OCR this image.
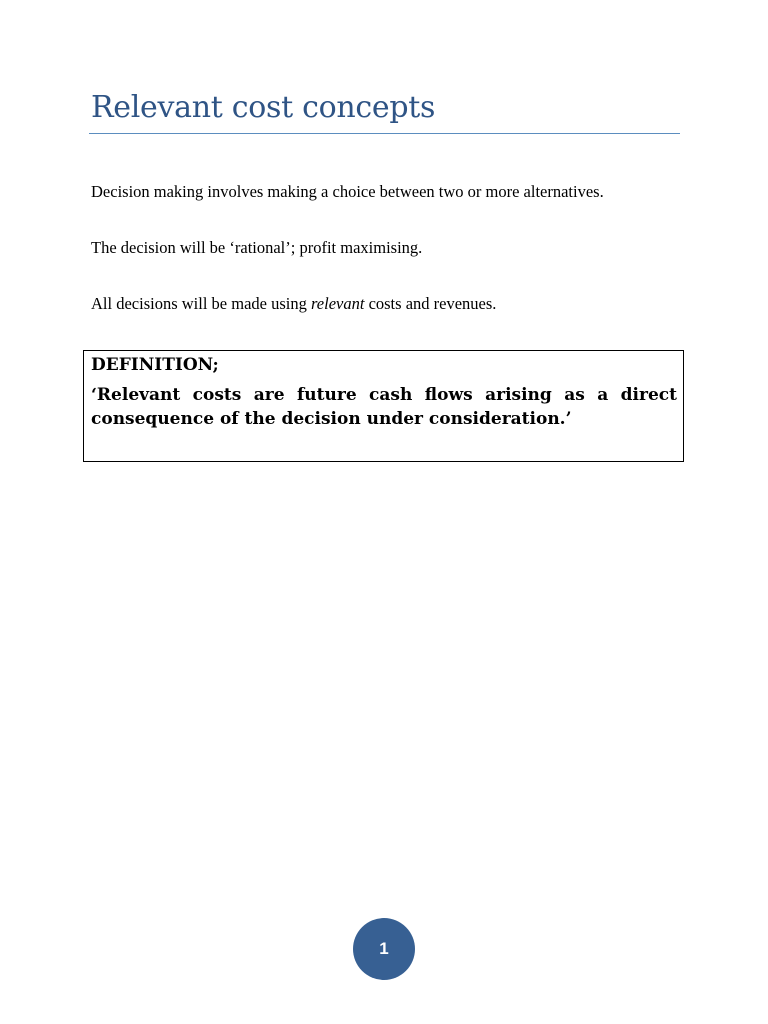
Relevant cost concepts

Decision making involves making a choice between two or more alternatives.

The decision will be ‘rational’; profit maximising.

All decisions will be made using relevant costs and revenues.

DEFINITION;

‘Relevant costs are future cash flows arising as a direct consequence of the decision under consideration.’

1
